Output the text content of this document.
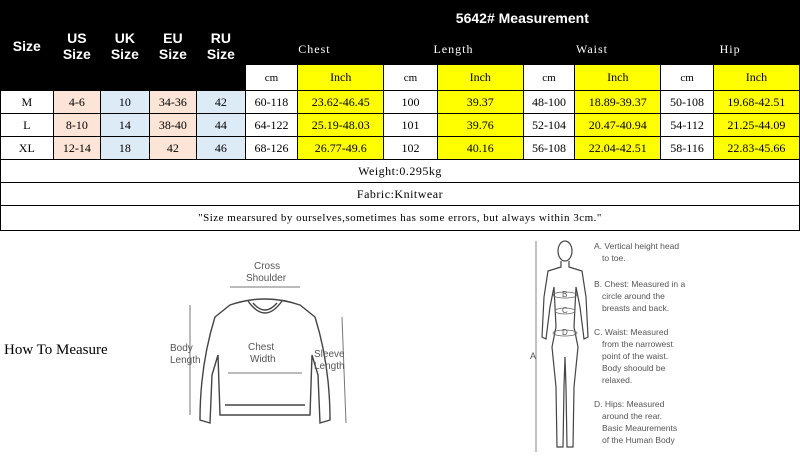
Size	US Size	UK Size	EU Size	RU Size	5642# Measurement							
					Chest		Length		Waist		Hip	
					cm	Inch	cm	Inch	cm	Inch	cm	Inch
M	4-6	10	34-36	42	60-118	23.62-46.45	100	39.37	48-100	18.89-39.37	50-108	19.68-42.51
L	8-10	14	38-40	44	64-122	25.19-48.03	101	39.76	52-104	20.47-40.94	54-112	21.25-44.09
XL	12-14	18	42	46	68-126	26.77-49.6	102	40.16	56-108	22.04-42.51	58-116	22.83-45.66
Weight:0.295kg												
Fabric:Knitwear												
"Size mearsured by ourselves,sometimes has some errors, but always within 3cm."												
How To Measure
Cross
Shoulder
Body
Length
Chest
Width	Sleeve
Length
A
B
C
D
A. Vertical height head
to toe.
B. Chest: Measured in a
circle around the
breasts and back.
C. Waist: Measured
from the narrowest
point of the waist.
Body shoould be
relaxed.
D. Hips: Measured
around the rear.
Basic Meaurements
of the Human Body
